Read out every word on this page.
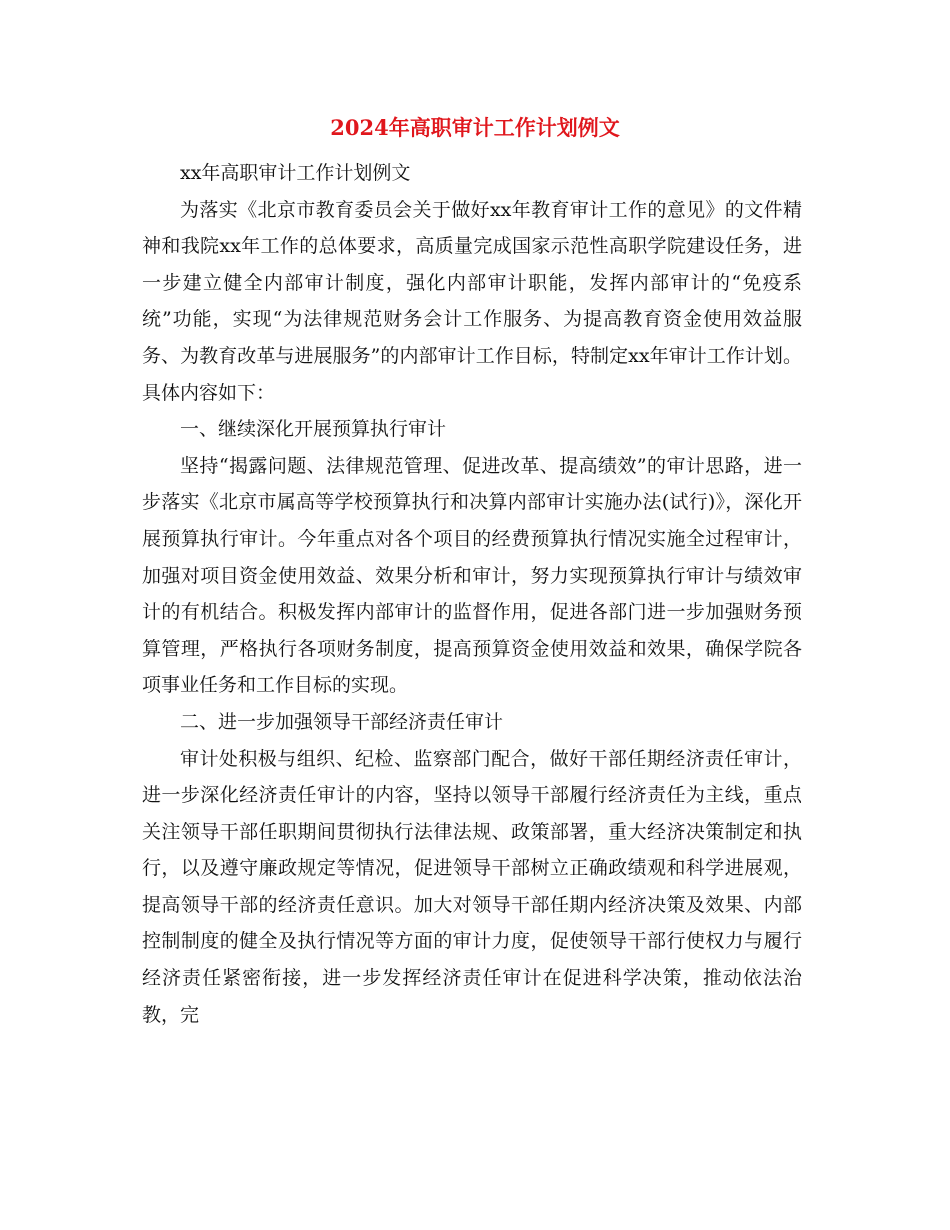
2024年高职审计工作计划例文

xx年高职审计工作计划例文

为落实《北京市教育委员会关于做好xx年教育审计工作的意见》的文件精神和我院xx年工作的总体要求，高质量完成国家示范性高职学院建设任务，进一步建立健全内部审计制度，强化内部审计职能，发挥内部审计的“免疫系统”功能，实现“为法律规范财务会计工作服务、为提高教育资金使用效益服务、为教育改革与进展服务”的内部审计工作目标，特制定xx年审计工作计划。具体内容如下：

一、继续深化开展预算执行审计

坚持“揭露问题、法律规范管理、促进改革、提高绩效”的审计思路，进一步落实《北京市属高等学校预算执行和决算内部审计实施办法(试行)》，深化开展预算执行审计。今年重点对各个项目的经费预算执行情况实施全过程审计，加强对项目资金使用效益、效果分析和审计，努力实现预算执行审计与绩效审计的有机结合。积极发挥内部审计的监督作用，促进各部门进一步加强财务预算管理，严格执行各项财务制度，提高预算资金使用效益和效果，确保学院各项事业任务和工作目标的实现。

二、进一步加强领导干部经济责任审计

审计处积极与组织、纪检、监察部门配合，做好干部任期经济责任审计，进一步深化经济责任审计的内容，坚持以领导干部履行经济责任为主线，重点关注领导干部任职期间贯彻执行法律法规、政策部署，重大经济决策制定和执行，以及遵守廉政规定等情况，促进领导干部树立正确政绩观和科学进展观，提高领导干部的经济责任意识。加大对领导干部任期内经济决策及效果、内部控制制度的健全及执行情况等方面的审计力度，促使领导干部行使权力与履行经济责任紧密衔接，进一步发挥经济责任审计在促进科学决策，推动依法治教，完
